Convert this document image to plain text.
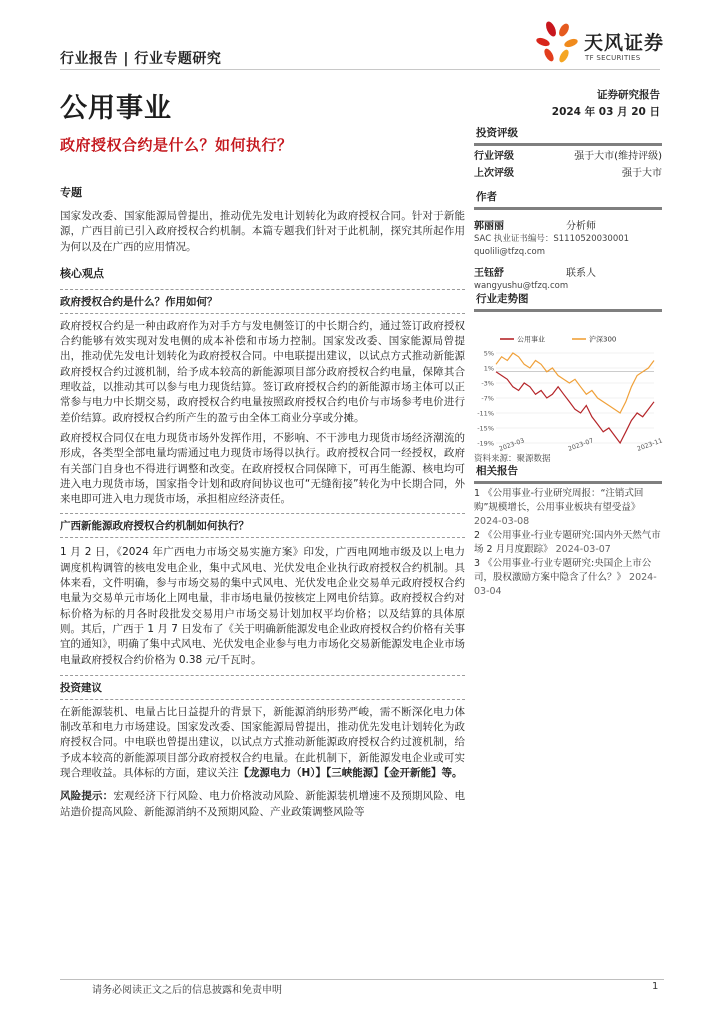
行业报告 | 行业专题研究
天风证券
TF SECURITIES
公用事业	证券研究报告
2024 年 03 月 20 日
政府授权合约是什么？如何执行？
投资评级
行业评级	强于大市(维持评级)
上次评级	强于大市
作者
郭丽丽	分析师
SAC 执业证书编号：S1110520030001
quolili@tfzq.com
王钰舒	联系人
wangyushu@tfzq.com
行业走势图
5%
1%
-3%
-7%
-11%
-15%
-19% 2023-03	2023-07	2023-11
公用事业	沪深300
资料来源：聚源数据
相关报告
1 《公用事业-行业研究周报：“注销式回购”规模增长，公用事业板块有望受益》 2024-03-08
2 《公用事业-行业专题研究:国内外天然气市场 2 月月度跟踪》 2024-03-07
3 《公用事业-行业专题研究:央国企上市公司，股权激励方案中隐含了什么？》 2024-03-04
专题
国家发改委、国家能源局曾提出，推动优先发电计划转化为政府授权合同。针对于新能源，广西目前已引入政府授权合约机制。本篇专题我们针对于此机制，探究其所起作用为何以及在广西的应用情况。
核心观点
政府授权合约是什么？作用如何？
政府授权合约是一种由政府作为对手方与发电侧签订的中长期合约，通过签订政府授权合约能够有效实现对发电侧的成本补偿和市场力控制。国家发改委、国家能源局曾提出，推动优先发电计划转化为政府授权合同。中电联提出建议，以试点方式推动新能源政府授权合约过渡机制，给予成本较高的新能源项目部分政府授权合约电量，保障其合理收益，以推动其可以参与电力现货结算。签订政府授权合约的新能源市场主体可以正常参与电力中长期交易，政府授权合约电量按照政府授权合约电价与市场参考电价进行差价结算。政府授权合约所产生的盈亏由全体工商业分享或分摊。
政府授权合同仅在电力现货市场外发挥作用，不影响、不干涉电力现货市场经济潮流的形成，各类型全部电量均需通过电力现货市场得以执行。政府授权合同一经授权，政府有关部门自身也不得进行调整和改变。在政府授权合同保障下，可再生能源、核电均可进入电力现货市场，国家指令计划和政府间协议也可“无缝衔接”转化为中长期合同，外来电即可进入电力现货市场，承担相应经济责任。
广西新能源政府授权合约机制如何执行？
1 月 2 日，《2024 年广西电力市场交易实施方案》印发，广西电网地市级及以上电力调度机构调管的核电发电企业，集中式风电、光伏发电企业执行政府授权合约机制。具体来看，文件明确，参与市场交易的集中式风电、光伏发电企业交易单元政府授权合约电量为交易单元市场化上网电量，非市场电量仍按核定上网电价结算。政府授权合约对标价格为标的月各时段批发交易用户市场交易计划加权平均价格；以及结算的具体原则。其后，广西于 1 月 7 日发布了《关于明确新能源发电企业政府授权合约价格有关事宜的通知》，明确了集中式风电、光伏发电企业参与电力市场化交易新能源发电企业市场电量政府授权合约价格为 0.38 元/千瓦时。
投资建议
在新能源装机、电量占比日益提升的背景下，新能源消纳形势严峻，需不断深化电力体制改革和电力市场建设。国家发改委、国家能源局曾提出，推动优先发电计划转化为政府授权合同。中电联也曾提出建议，以试点方式推动新能源政府授权合约过渡机制，给予成本较高的新能源项目部分政府授权合约电量。在此机制下，新能源发电企业或可实现合理收益。具体标的方面，建议关注【龙源电力（H）】【三峡能源】【金开新能】等。
风险提示：宏观经济下行风险、电力价格波动风险、新能源装机增速不及预期风险、电站造价提高风险、新能源消纳不及预期风险、产业政策调整风险等
请务必阅读正文之后的信息披露和免责申明	1
